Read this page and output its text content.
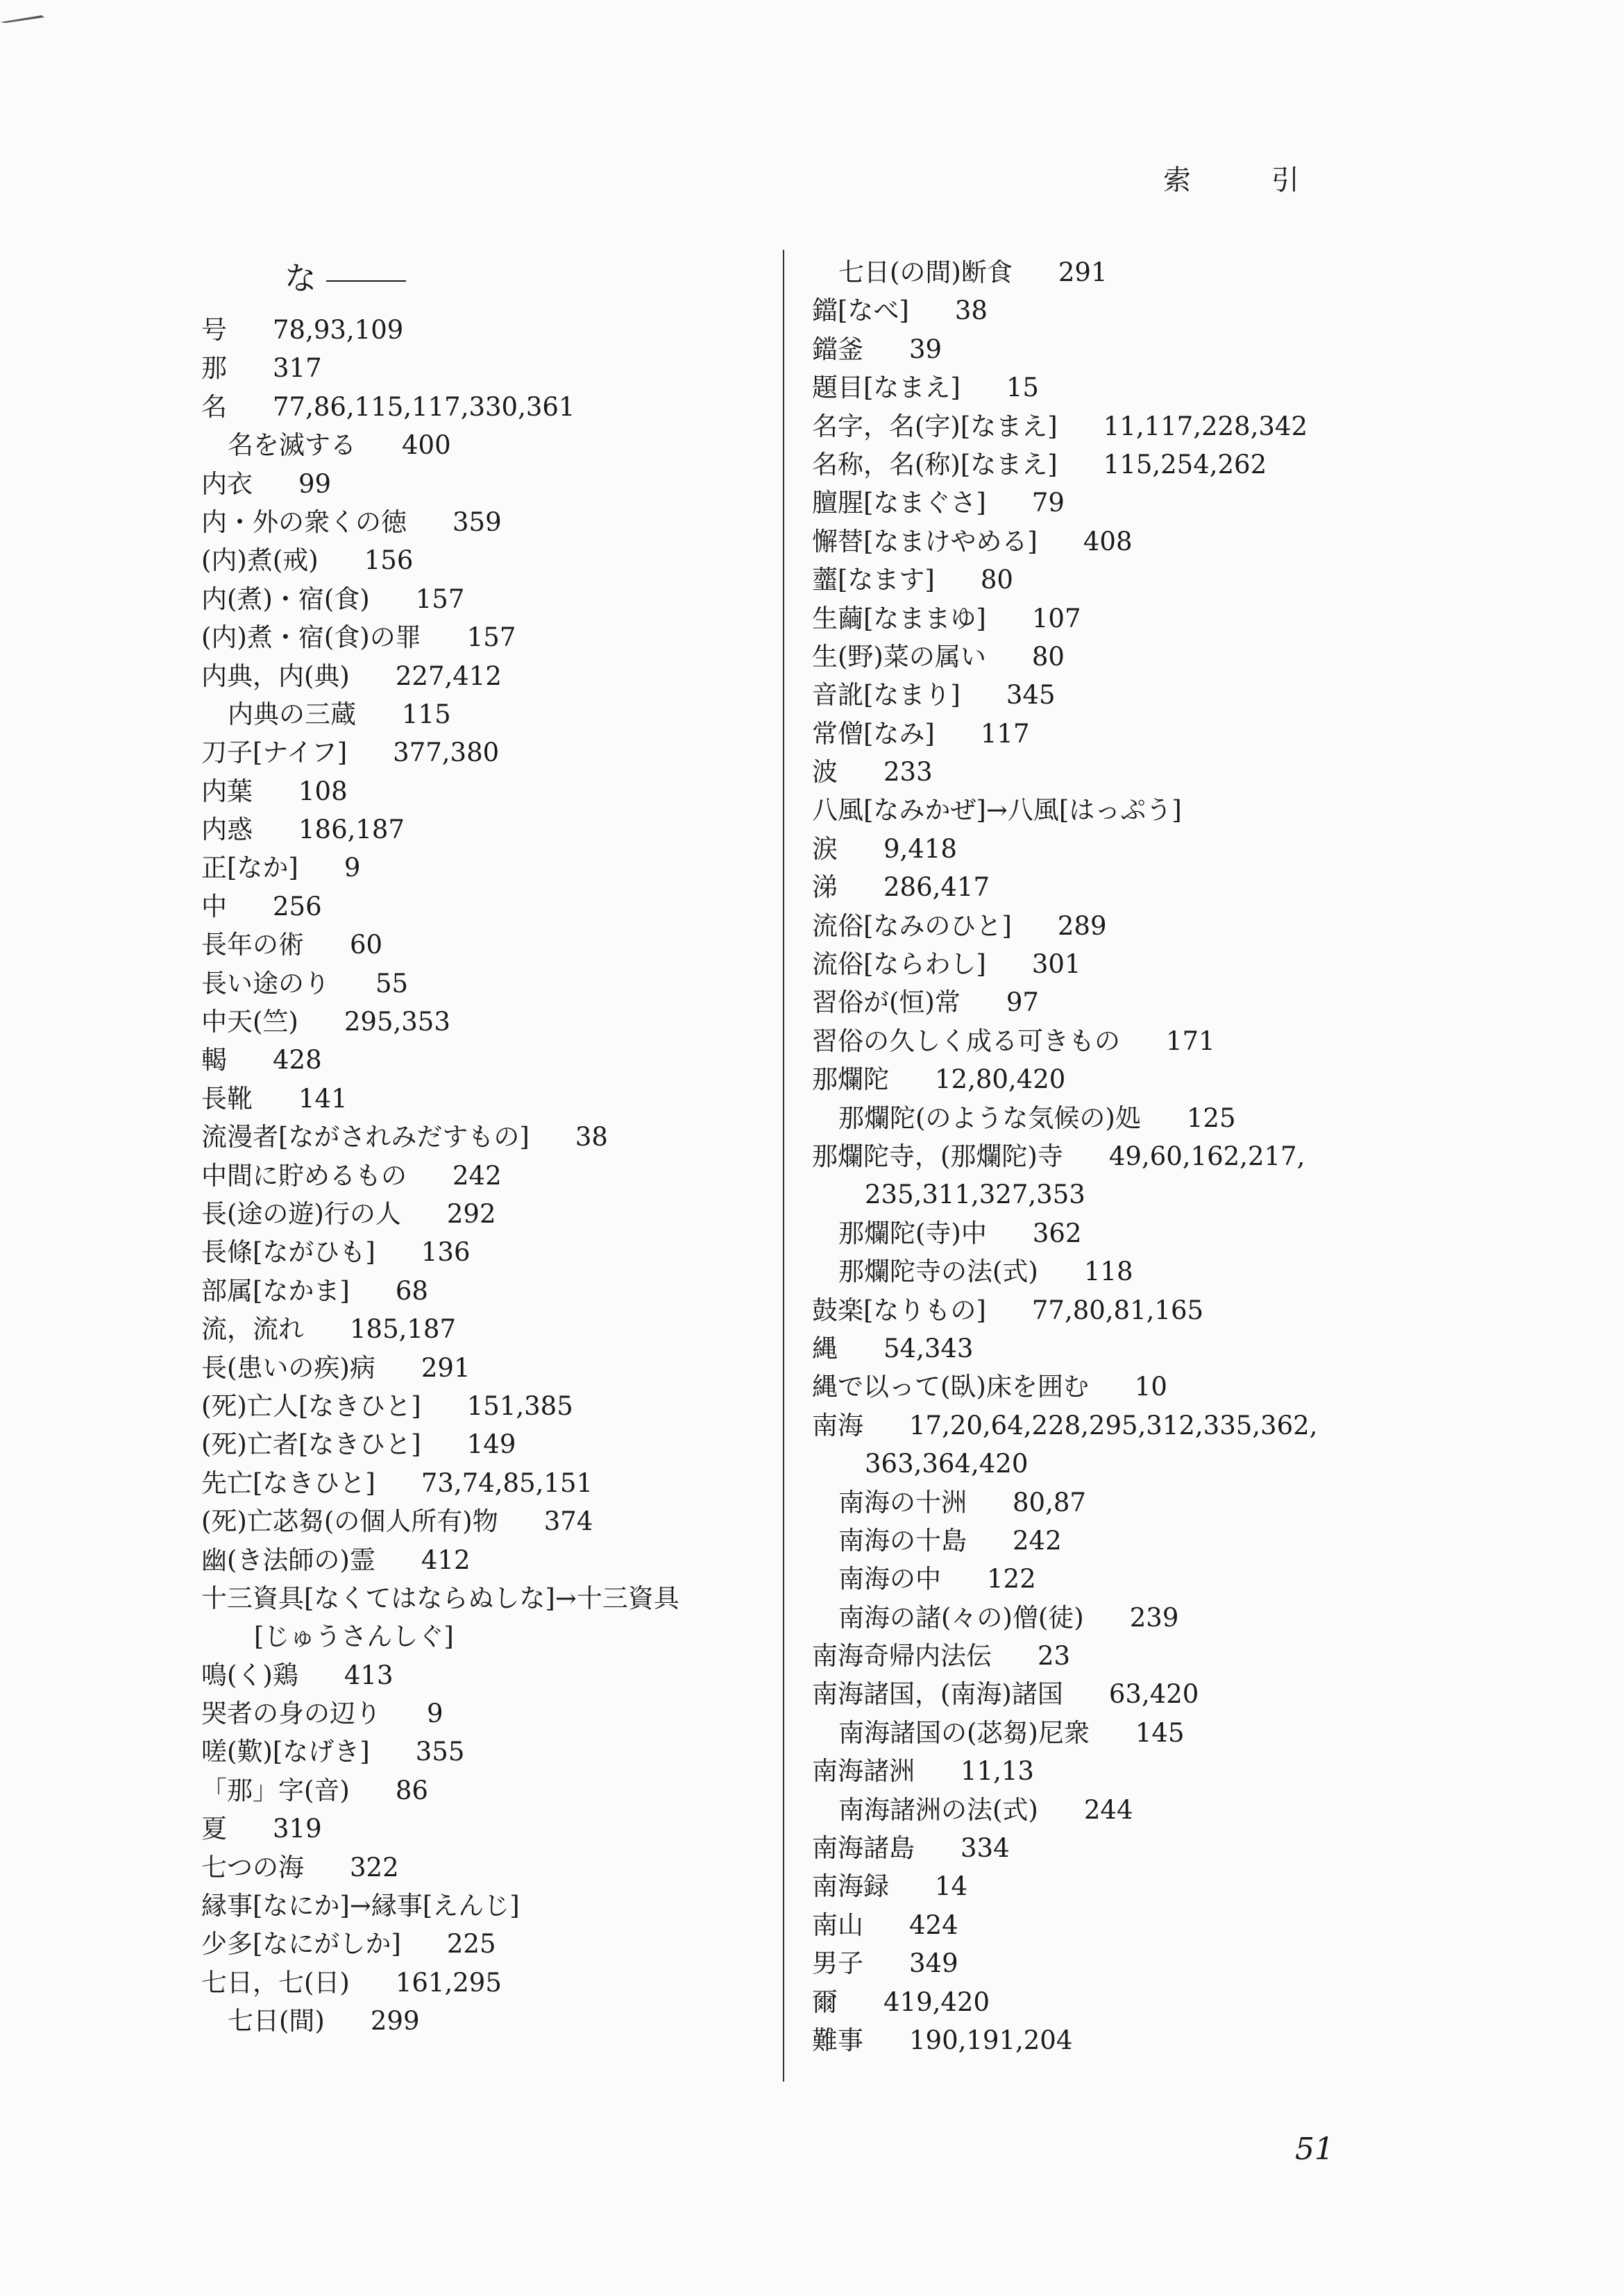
索　引
な
号 78,93,109
那 317
名 77,86,115,117,330,361
名を滅する 400
内衣 99
内・外の衆くの徳 359
(内)煮(戒) 156
内(煮)・宿(食) 157
(内)煮・宿(食)の罪 157
内典，内(典) 227,412
内典の三蔵 115
刀子[ナイフ] 377,380
内葉 108
内惑 186,187
正[なか] 9
中 256
長年の術 60
長い途のり 55
中天(竺) 295,353
輵 428
長靴 141
流漫者[ながされみだすもの] 38
中間に貯めるもの 242
長(途の遊)行の人 292
長條[ながひも] 136
部属[なかま] 68
流，流れ 185,187
長(患いの疾)病 291
(死)亡人[なきひと] 151,385
(死)亡者[なきひと] 149
先亡[なきひと] 73,74,85,151
(死)亡苾芻(の個人所有)物 374
幽(き法師の)霊 412
十三資具[なくてはならぬしな]→十三資具
[じゅうさんしぐ]
鳴(く)鶏 413
哭者の身の辺り 9
嗟(歎)[なげき] 355
「那」字(音) 86
夏 319
七つの海 322
縁事[なにか]→縁事[えんじ]
少多[なにがしか] 225
七日，七(日) 161,295
七日(間) 299
七日(の間)断食 291
鐺[なべ] 38
鐺釜 39
題目[なまえ] 15
名字，名(字)[なまえ] 11,117,228,342
名称，名(称)[なまえ] 115,254,262
膻腥[なまぐさ] 79
懈替[なまけやめる] 408
虀[なます] 80
生繭[なままゆ] 107
生(野)菜の属い 80
音訛[なまり] 345
常僧[なみ] 117
波 233
八風[なみかぜ]→八風[はっぷう]
涙 9,418
涕 286,417
流俗[なみのひと] 289
流俗[ならわし] 301
習俗が(恒)常 97
習俗の久しく成る可きもの 171
那爛陀 12,80,420
那爛陀(のような気候の)処 125
那爛陀寺，(那爛陀)寺 49,60,162,217,
235,311,327,353
那爛陀(寺)中 362
那爛陀寺の法(式) 118
鼓楽[なりもの] 77,80,81,165
縄 54,343
縄で以って(臥)床を囲む 10
南海 17,20,64,228,295,312,335,362,
363,364,420
南海の十洲 80,87
南海の十島 242
南海の中 122
南海の諸(々の)僧(徒) 239
南海奇帰内法伝 23
南海諸国，(南海)諸国 63,420
南海諸国の(苾芻)尼衆 145
南海諸洲 11,13
南海諸洲の法(式) 244
南海諸島 334
南海録 14
南山 424
男子 349
爾 419,420
難事 190,191,204
51
